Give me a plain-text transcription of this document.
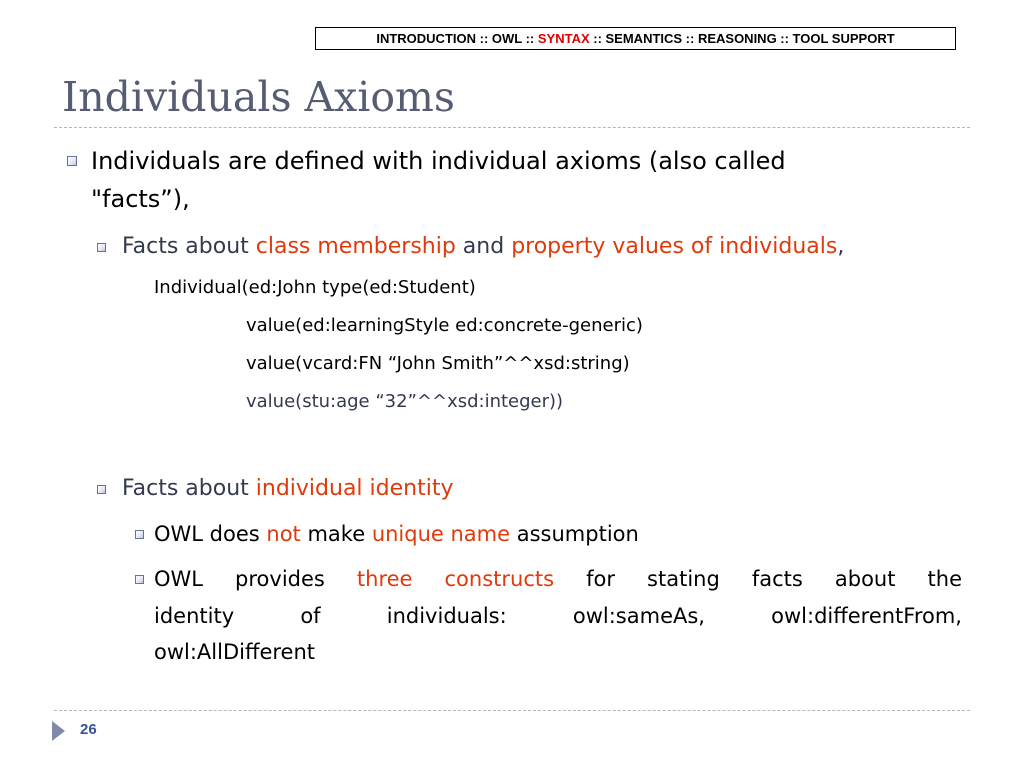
INTRODUCTION :: OWL :: SYNTAX :: SEMANTICS :: REASONING :: TOOL SUPPORT
Individuals Axioms
Individuals are defined with individual axioms (also called
"facts”),
Facts about class membership and property values of individuals,
Individual(ed:John type(ed:Student)
value(ed:learningStyle ed:concrete-generic)
value(vcard:FN “John Smith”^^xsd:string)
value(stu:age “32”^^xsd:integer))
Facts about individual identity
OWL does not make unique name assumption
OWL provides three constructs for stating facts about the
identity of individuals: owl:sameAs, owl:differentFrom,
owl:AllDifferent
26
